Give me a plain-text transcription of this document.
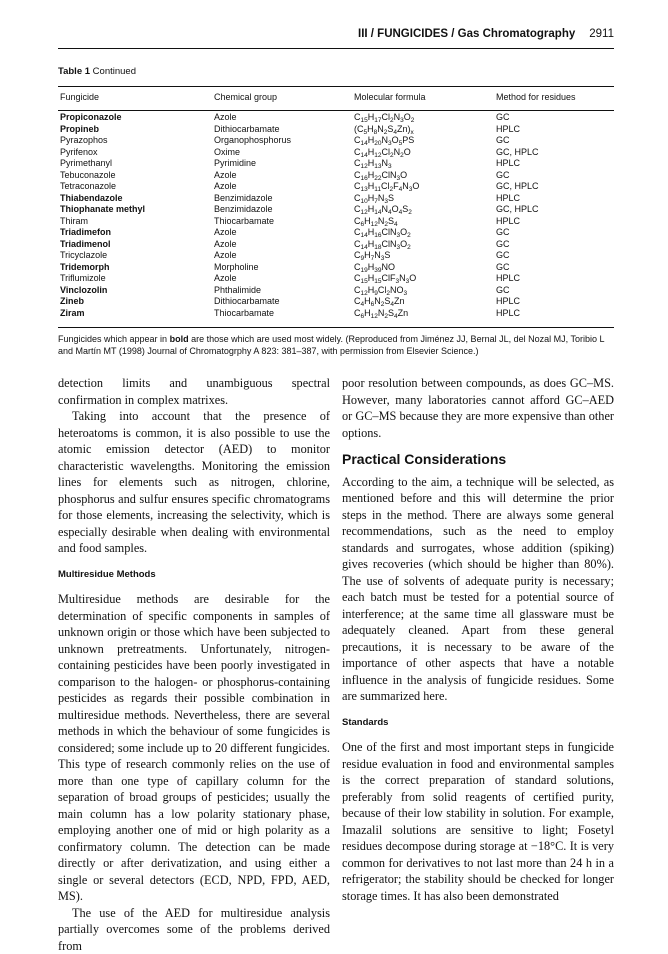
III / FUNGICIDES / Gas Chromatography 2911
Table 1 Continued
Fungicide	Chemical group	Molecular formula	Method for residues
Propiconazole	Azole	$C_{15}H_{17}Cl_2N_3O_2$	GC
Propineb	Dithiocarbamate	$(C_5H_8N_2S_4Zn)_x$	HPLC
Pyrazophos	Organophosphorus	$C_{14}H_{20}N_3O_5PS$	GC
Pyrifenox	Oxime	$C_{14}H_{12}Cl_2N_2O$	GC, HPLC
Pyrimethanyl	Pyrimidine	$C_{12}H_{13}N_3$	HPLC
Tebuconazole	Azole	$C_{16}H_{22}ClN_3O$	GC
Tetraconazole	Azole	$C_{13}H_{11}Cl_2F_4N_3O$	GC, HPLC
Thiabendazole	Benzimidazole	$C_{10}H_7N_3S$	HPLC
Thiophanate methyl	Benzimidazole	$C_{12}H_{14}N_4O_4S_2$	GC, HPLC
Thiram	Thiocarbamate	$C_6H_{12}N_2S_4$	HPLC
Triadimefon	Azole	$C_{14}H_{16}ClN_3O_2$	GC
Triadimenol	Azole	$C_{14}H_{18}ClN_3O_2$	GC
Tricyclazole	Azole	$C_9H_7N_3S$	GC
Tridemorph	Morpholine	$C_{19}H_{39}NO$	GC
Triflumizole	Azole	$C_{15}H_{15}ClF_3N_3O$	HPLC
Vinclozolin	Phthalimide	$C_{12}H_9Cl_2NO_3$	GC
Zineb	Dithiocarbamate	$C_4H_6N_2S_4Zn$	HPLC
Ziram	Thiocarbamate	$C_6H_{12}N_2S_4Zn$	HPLC
Fungicides which appear in bold are those which are used most widely. (Reproduced from Jiménez JJ, Bernal JL, del Nozal MJ, Toribio L and Martín MT (1998) Journal of Chromatogrphy A 823: 381–387, with permission from Elsevier Science.)

detection limits and unambiguous spectral confirmation in complex matrixes.

Taking into account that the presence of heteroatoms is common, it is also possible to use the atomic emission detector (AED) to monitor characteristic wavelengths. Monitoring the emission lines for elements such as nitrogen, chlorine, phosphorus and sulfur ensures specific chromatograms for those elements, increasing the selectivity, which is especially desirable when dealing with environmental and food samples.

Multiresidue Methods

Multiresidue methods are desirable for the determination of specific components in samples of unknown origin or those which have been subjected to unknown pretreatments. Unfortunately, nitrogen-containing pesticides have been poorly investigated in comparison to the halogen- or phosphorus-containing pesticides as regards their possible combination in multiresidue methods. Nevertheless, there are several methods in which the behaviour of some fungicides is considered; some include up to 20 different fungicides. This type of research commonly relies on the use of more than one type of capillary column for the separation of broad groups of pesticides; usually the main column has a low polarity stationary phase, employing another one of mid or high polarity as a confirmatory column. The detection can be made directly or after derivatization, and using either a single or several detectors (ECD, NPD, FPD, AED, MS).

The use of the AED for multiresidue analysis partially overcomes some of the problems derived from

poor resolution between compounds, as does GC–MS. However, many laboratories cannot afford GC–AED or GC–MS because they are more expensive than other options.

Practical Considerations

According to the aim, a technique will be selected, as mentioned before and this will determine the prior steps in the method. There are always some general recommendations, such as the need to employ standards and surrogates, whose addition (spiking) gives recoveries (which should be higher than 80%). The use of solvents of adequate purity is necessary; each batch must be tested for a potential source of interference; at the same time all glassware must be adequately cleaned. Apart from these general precautions, it is necessary to be aware of the importance of other aspects that have a notable influence in the analysis of fungicide residues. Some are summarized here.

Standards

One of the first and most important steps in fungicide residue evaluation in food and environmental samples is the correct preparation of standard solutions, preferably from solid reagents of certified purity, because of their low stability in solution. For example, Imazalil solutions are sensitive to light; Fosetyl residues decompose during storage at −18°C. It is very common for derivatives to not last more than 24 h in a refrigerator; the stability should be checked for longer storage times. It has also been demonstrated
